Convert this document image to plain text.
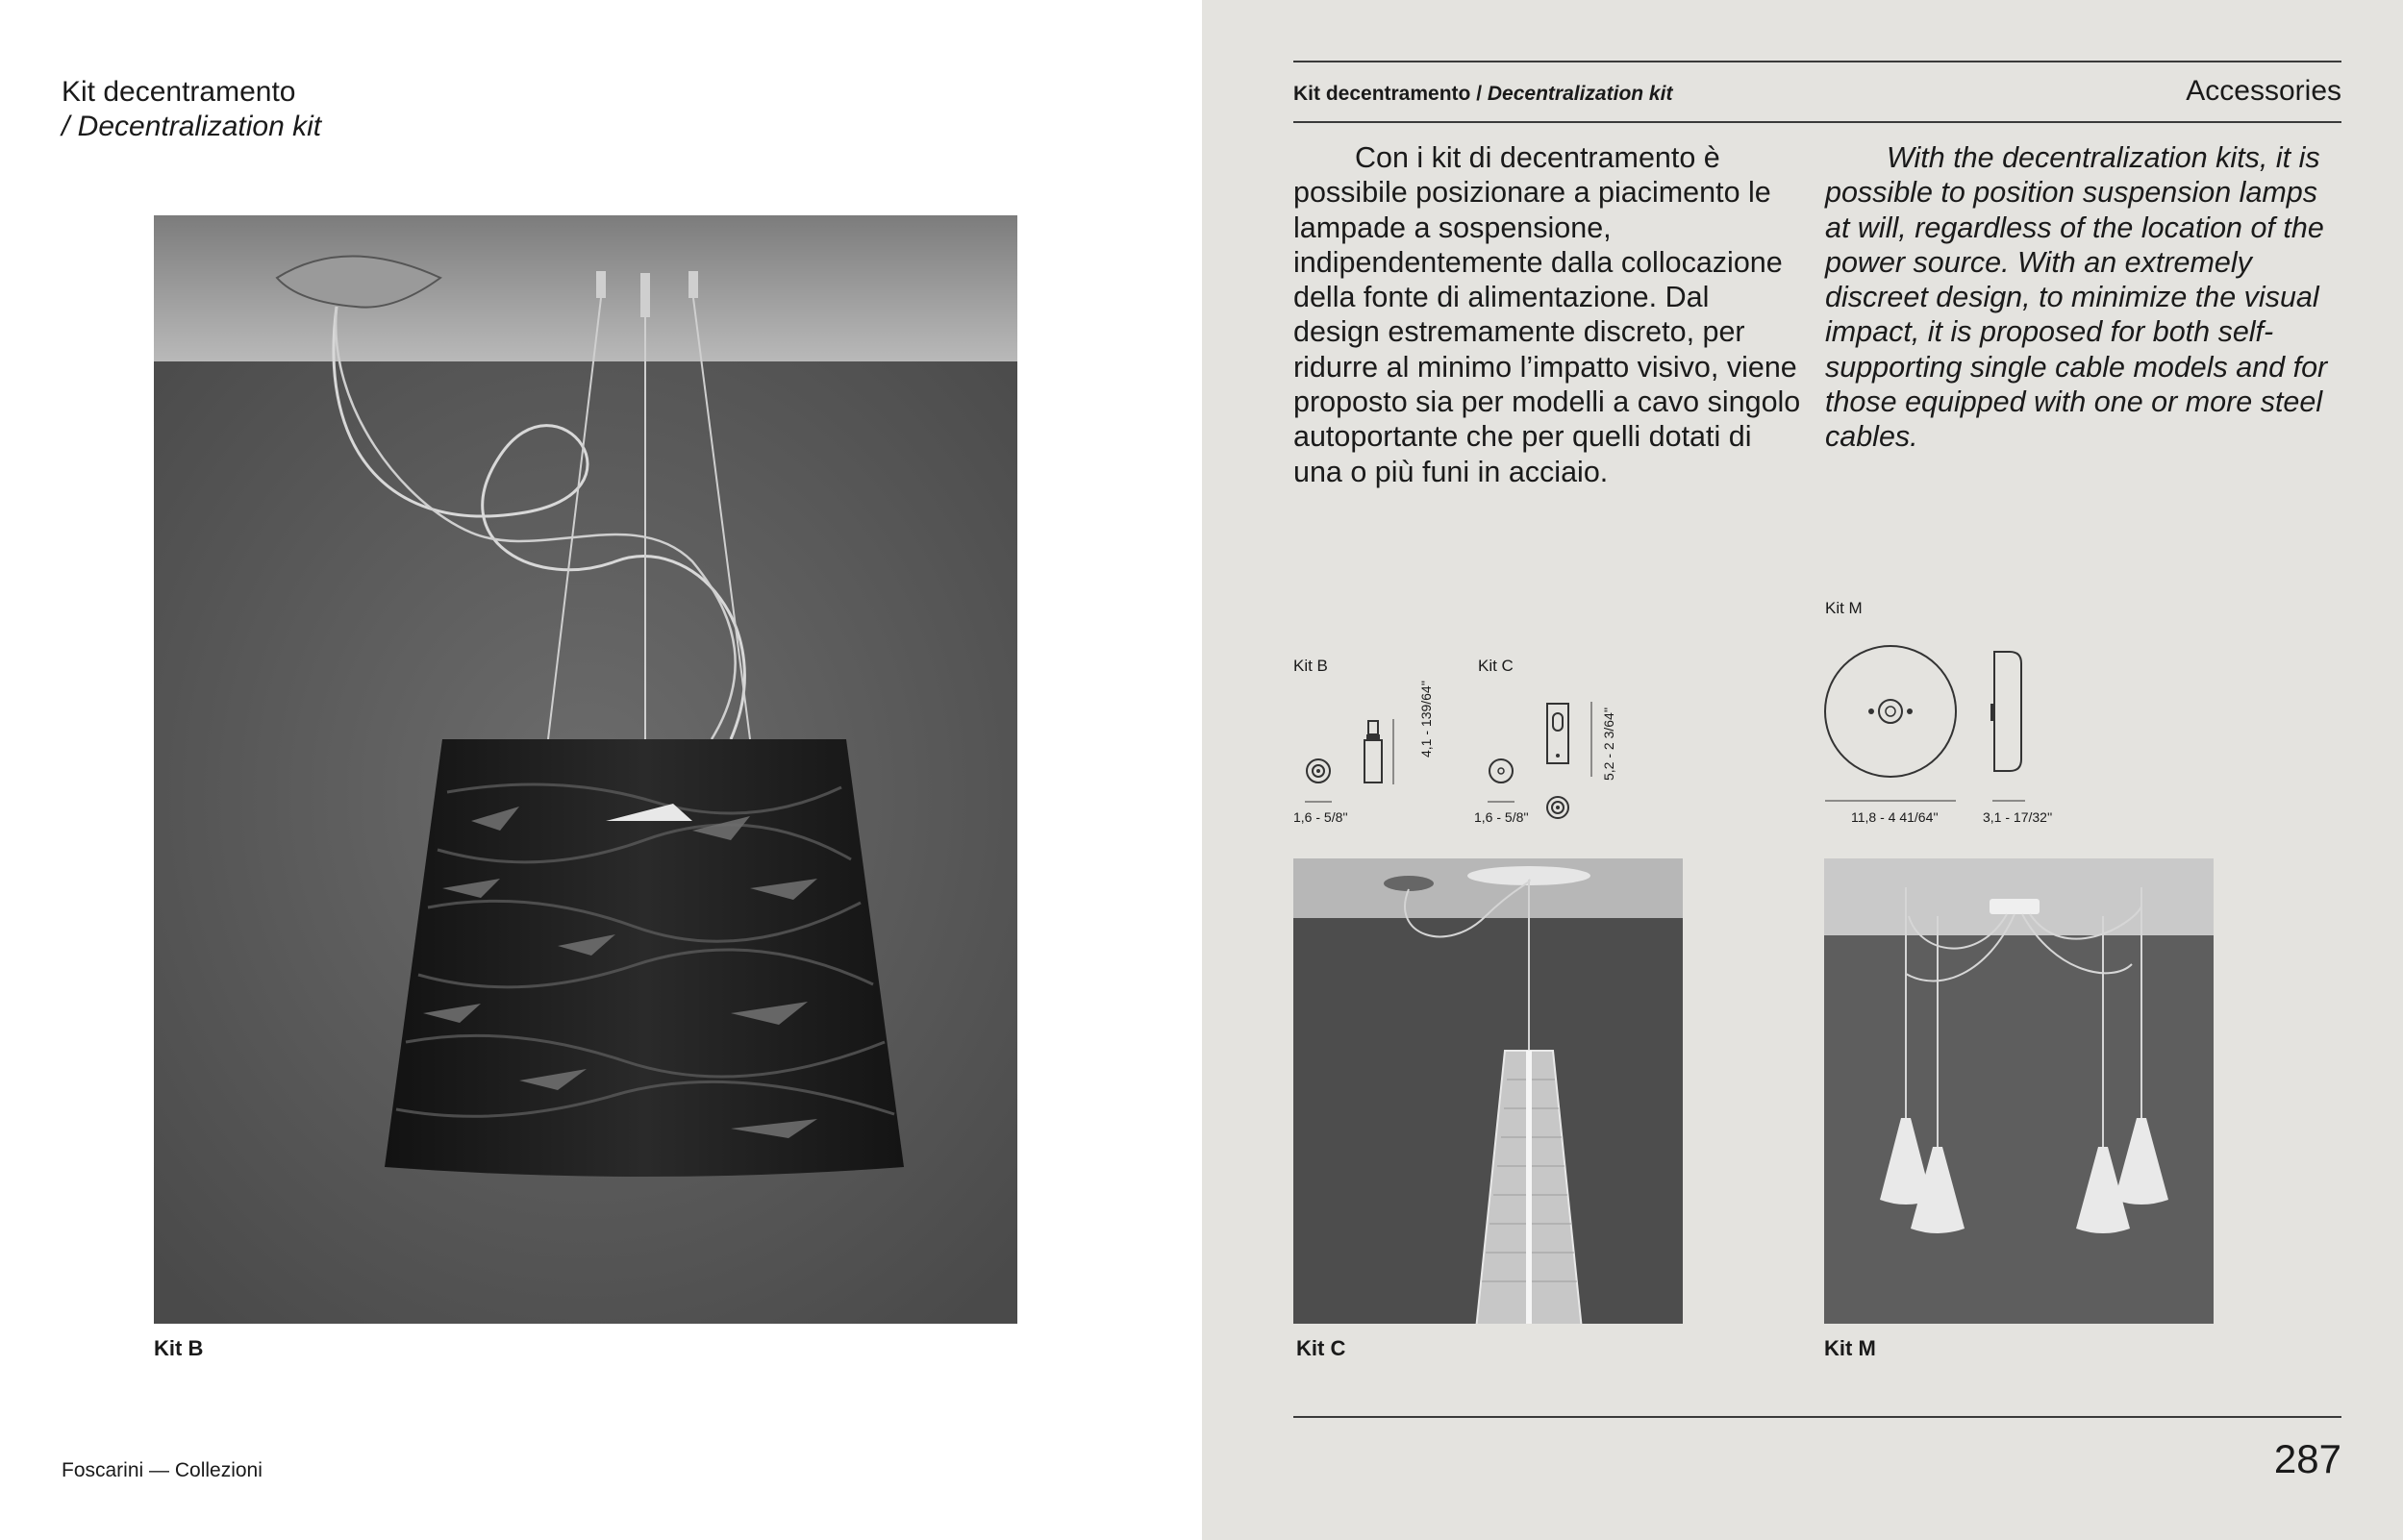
Kit decentramento
/ Decentralization kit
Kit B
Foscarini — Collezioni
Kit decentramento / Decentralization kit	Accessories

Con i kit di decentramento è possibile posizionare a piacimento le lampade a sospensione, indipendentemente dalla collocazione della fonte di alimentazione. Dal design estremamente discreto, per ridurre al minimo l’impatto visivo, viene proposto sia per modelli a cavo singolo autoportante che per quelli dotati di una o più funi in acciaio.

With the decentralization kits, it is possible to position suspension lamps at will, regardless of the location of the power source. With an extremely discreet design, to minimize the visual impact, it is proposed for both self-supporting single cable models and for those equipped with one or more steel cables.

Kit B
1,6 - 5/8''
4,1 - 139/64''
Kit C
1,6 - 5/8''
5,2 - 2 3/64''
Kit M
11,8 - 4 41/64''	3,1 - 17/32''
Kit C	Kit M
287
